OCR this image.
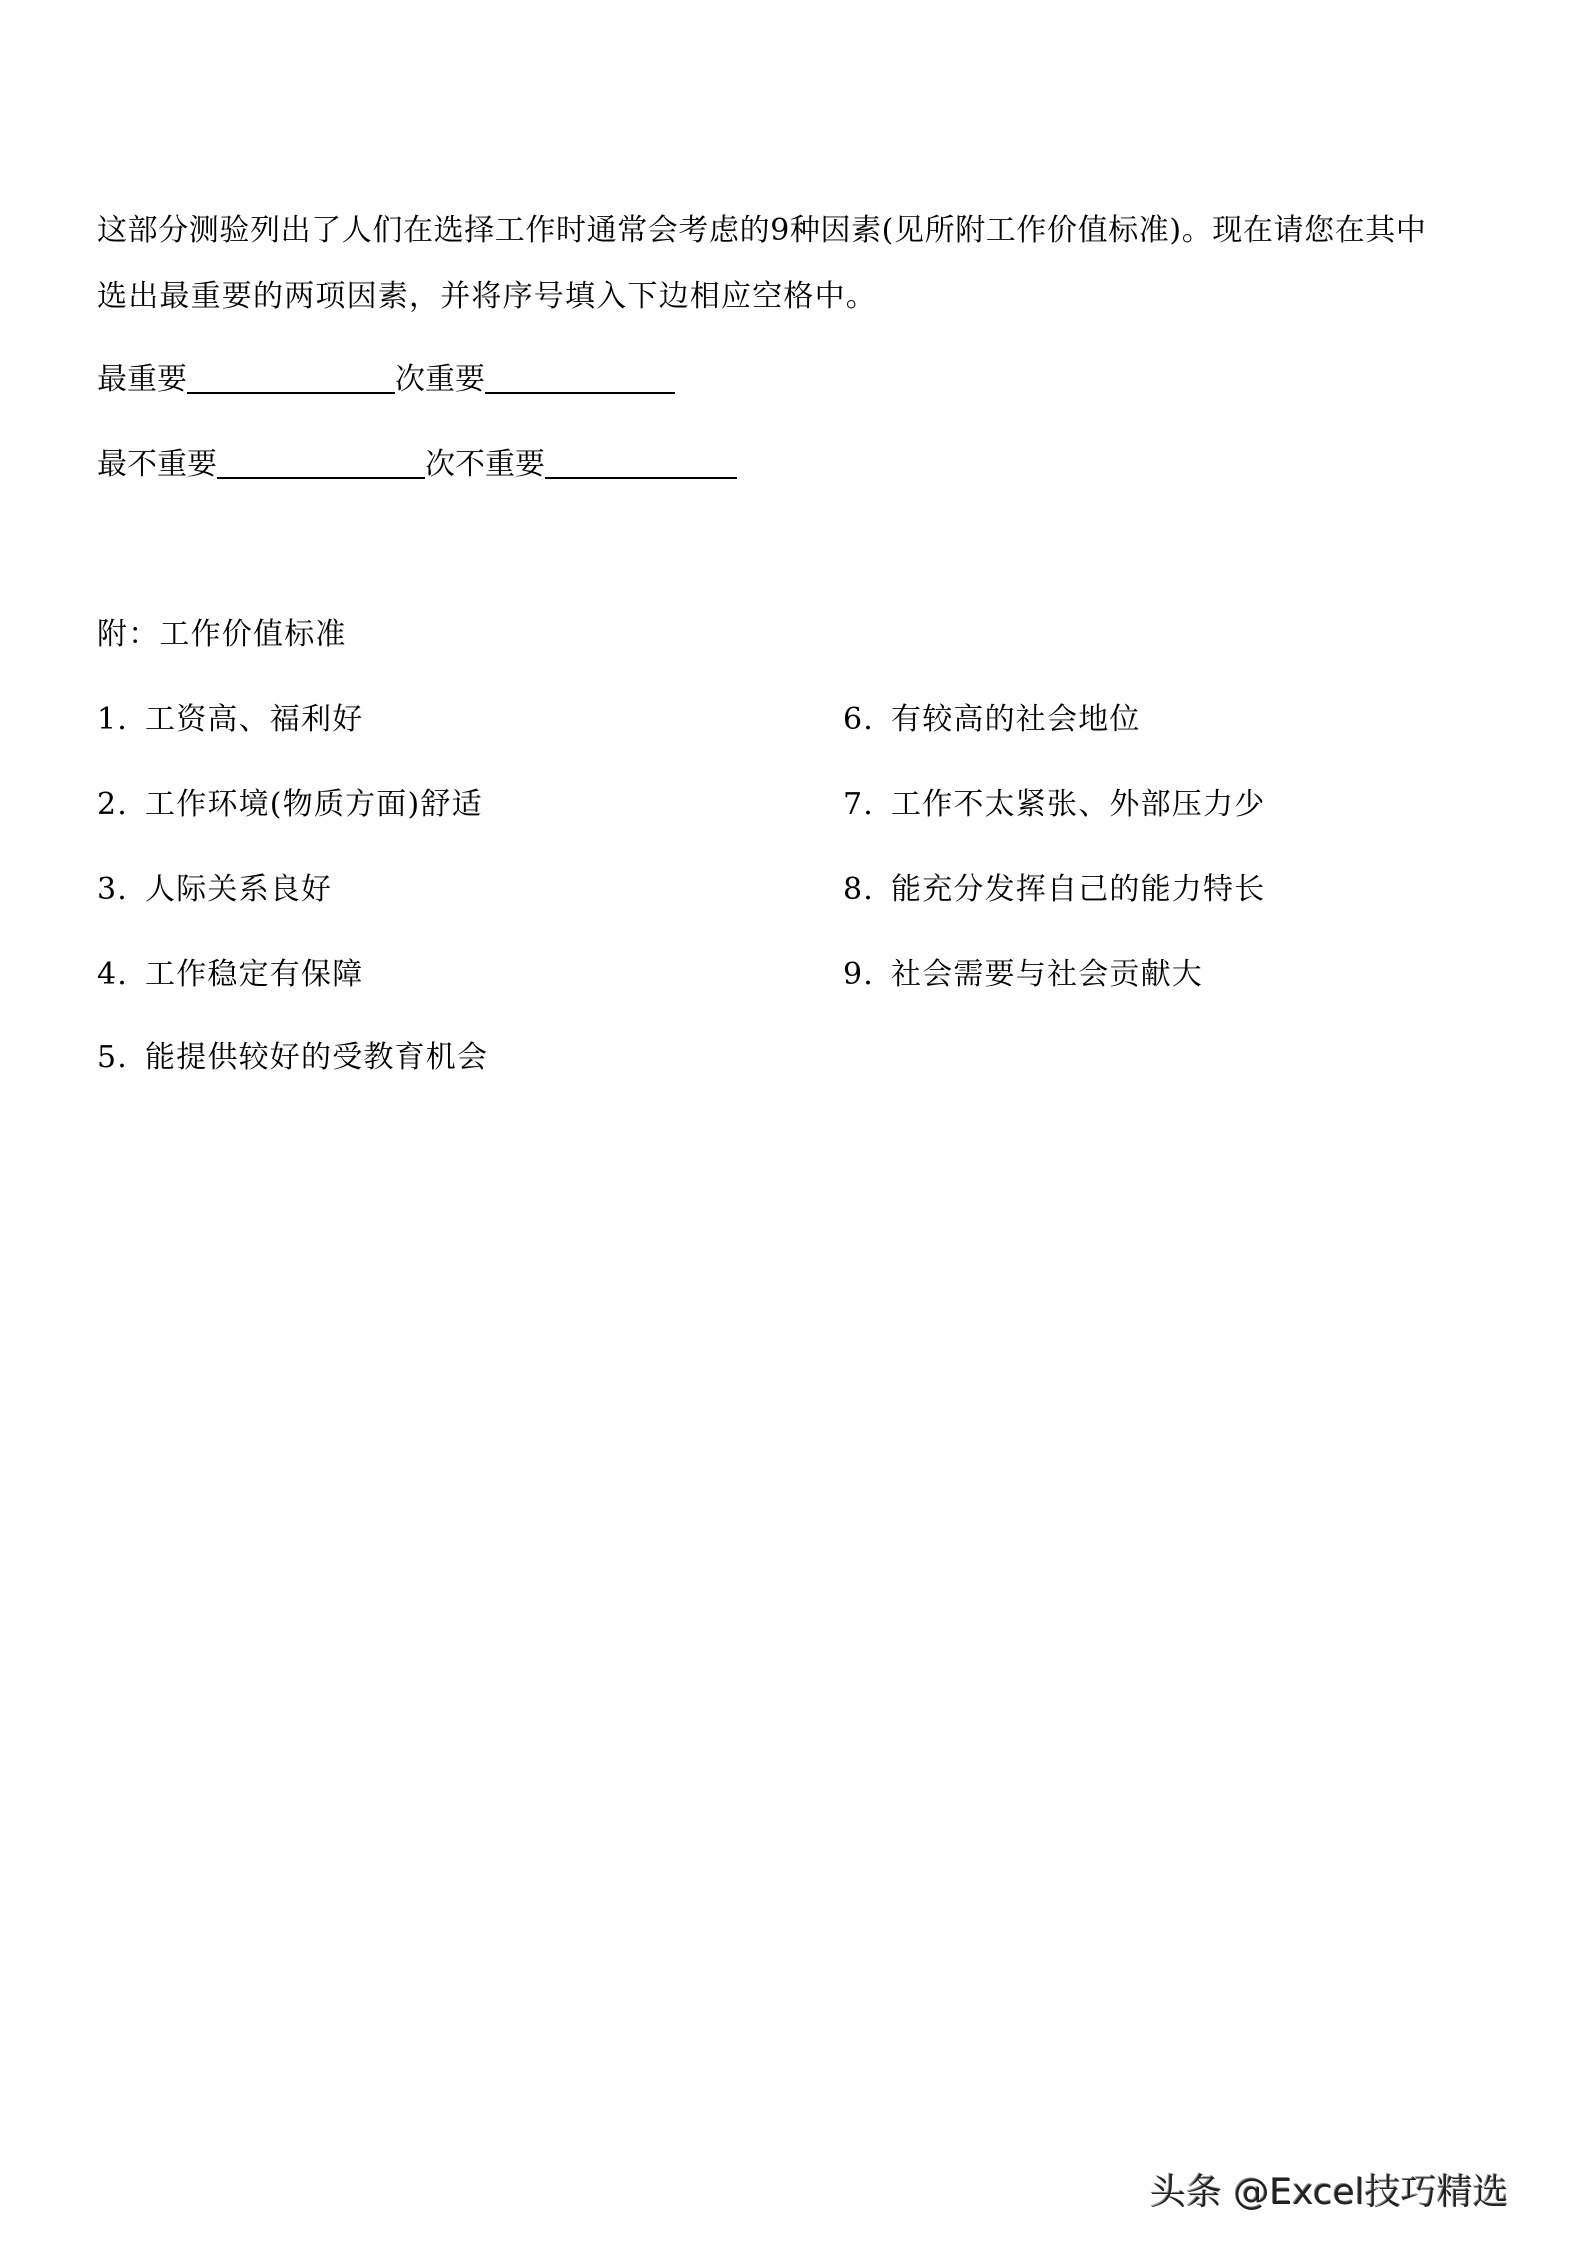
这部分测验列出了人们在选择工作时通常会考虑的9种因素(见所附工作价值标准)。现在请您在其中
选出最重要的两项因素，并将序号填入下边相应空格中。
最重要	次重要
最不重要	次不重要
附：工作价值标准
1. 工资高、福利好
2. 工作环境(物质方面)舒适
3. 人际关系良好
4. 工作稳定有保障
5. 能提供较好的受教育机会
6. 有较高的社会地位
7. 工作不太紧张、外部压力少
8. 能充分发挥自己的能力特长
9. 社会需要与社会贡献大
头条 @Excel技巧精选
